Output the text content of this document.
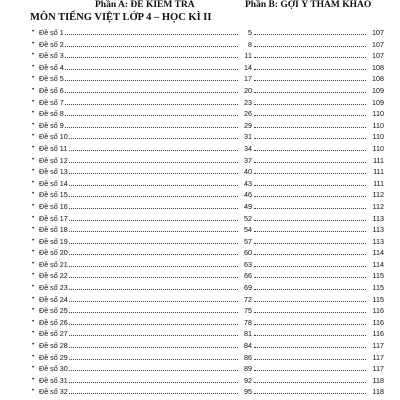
Phần A: ĐỀ KIỂM TRA	Phần B: GỢI Ý THAM KHẢO
MÔN TIẾNG VIỆT LỚP 4 – HỌC KÌ II
• Đề số 1	5	107
• Đề số 2	8	107
• Đề số 3	11	107
• Đề số 4	14	108
• Đề số 5	17	108
• Đề số 6	20	109
• Đề số 7	23	109
• Đề số 8	26	110
• Đề số 9	29	110
• Đề số 10	31	110
• Đề số 11	34	110
• Đề số 12	37	111
• Đề số 13	40	111
• Đề số 14	43	111
• Đề số 15	46	112
• Đề số 16	49	112
• Đề số 17	52	113
• Đề số 18	54	113
• Đề số 19	57	113
• Đề số 20	60	114
• Đề số 21	63	114
• Đề số 22	66	115
• Đề số 23	69	115
• Đề số 24	72	115
• Đề số 25	75	116
• Đề số 26	78	116
• Đề số 27	81	116
• Đề số 28	84	117
• Đề số 29	86	117
• Đề số 30	89	117
• Đề số 31	92	118
• Đề số 32	95	118
